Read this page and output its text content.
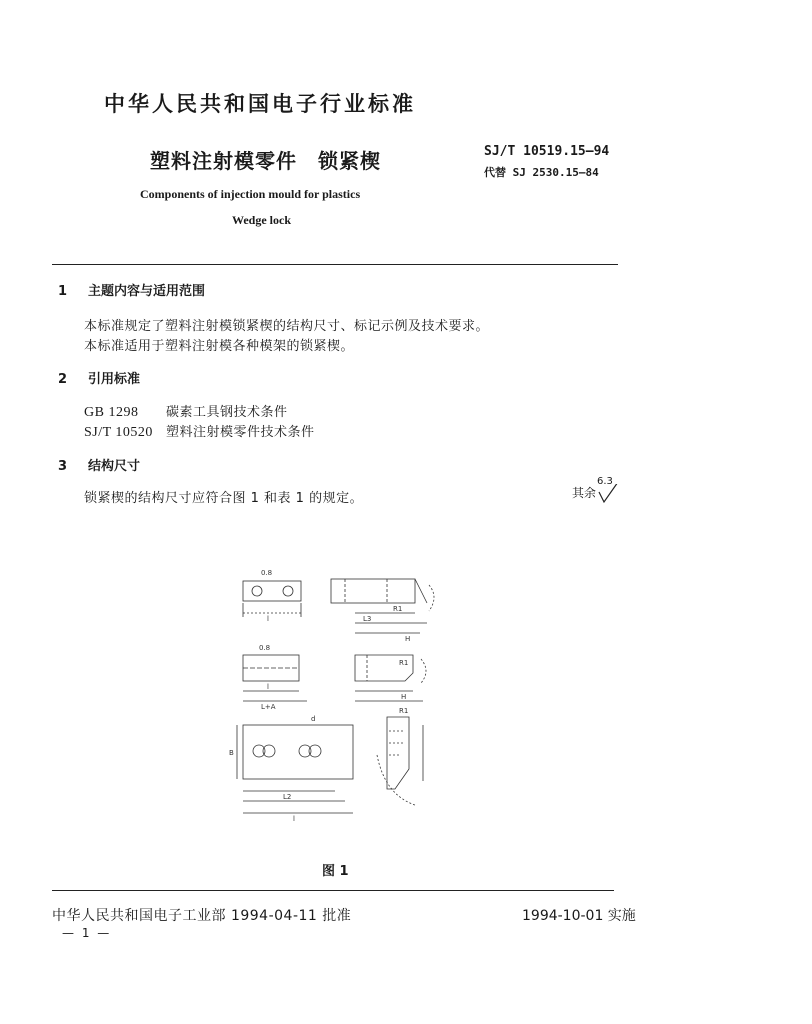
中华人民共和国电子行业标准
塑料注射模零件　锁紧楔	SJ/T 10519.15—94
代替 SJ 2530.15—84
Components of injection mould for plastics
Wedge lock
1 主题内容与适用范围
本标准规定了塑料注射模锁紧楔的结构尺寸、标记示例及技术要求。
本标准适用于塑料注射模各种模架的锁紧楔。
2 引用标准
GB 1298 碳素工具钢技术条件
SJ/T 10520 塑料注射模零件技术条件
3 结构尺寸
锁紧楔的结构尺寸应符合图 1 和表 1 的规定。	其余
6.3
l
0.8
R1
L3
H
l
L+A
0.8
R1
H
B
L2
l
d
R1
图 1
中华人民共和国电子工业部 1994-04-11 批准	1994-10-01 实施
— 1 —
